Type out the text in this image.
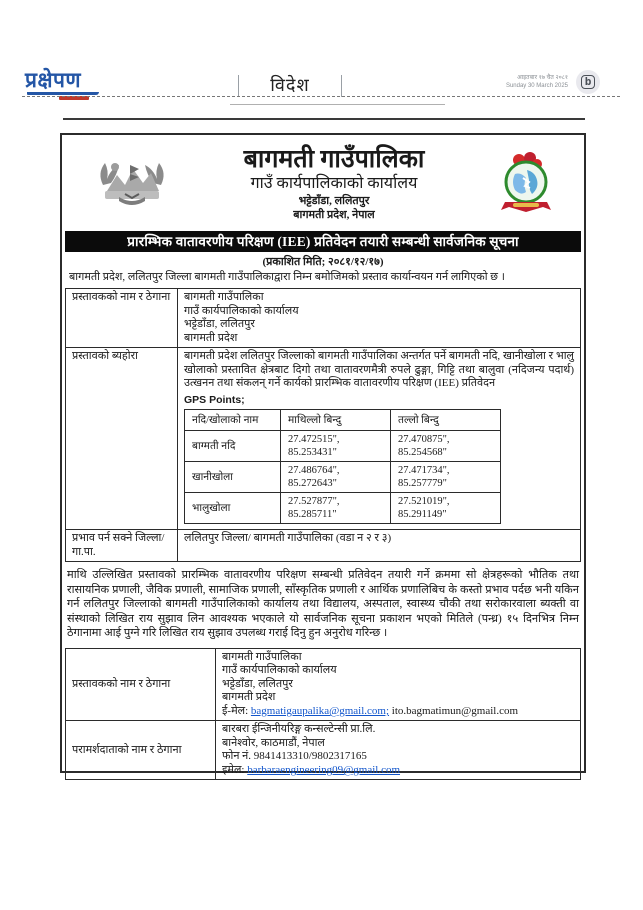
प्रक्षेपण	विदेश	आइतबार १७ चैत २०८१
Sunday 30 March 2025	b
बागमती गाउँपालिका
गाउँ कार्यपालिकाको कार्यालय
भट्टेडाँडा, ललितपुर
बागमती प्रदेश, नेपाल
प्रारम्भिक वातावरणीय परिक्षण (IEE) प्रतिवेदन तयारी सम्बन्धी सार्वजनिक सूचना
(प्रकाशित मिति; २०८१/१२/१७)
बागमती प्रदेश, ललितपुर जिल्ला बागमती गाउँपालिकाद्वारा निम्न बमोजिमको प्रस्ताव कार्यान्वयन गर्न लागिएको छ ।
प्रस्तावकको नाम र ठेगाना	बागमती गाउँपालिका
गाउँ कार्यपालिकाको कार्यालय
भट्टेडाँडा, ललितपुर
बागमती प्रदेश

प्रस्तावको ब्यहोरा	बागमती प्रदेश ललितपुर जिल्लाको बागमती गाउँपालिका अन्तर्गत पर्ने बागमती नदि, खानीखोला र भालु खोलाको प्रस्तावित क्षेत्रबाट दिगो तथा वातावरणमैत्री रुपले ढुङ्गा, गिट्टि तथा बालुवा (नदिजन्य पदार्थ) उत्खनन तथा संकलन् गर्ने कार्यको प्रारम्भिक वातावरणीय परिक्षण (IEE) प्रतिवेदन
GPS Points;
नदि/खोलाको नाम	माथिल्लो बिन्दु	तल्लो बिन्दु
बाग्मती नदि	27.472515", 85.253431"	27.470875", 85.254568"
खानीखोला	27.486764", 85.272643"	27.471734", 85.257779"
भालुखोला	27.527877", 85.285711"	27.521019", 85.291149"

प्रभाव पर्न सक्ने जिल्ला/गा.पा.	ललितपुर जिल्ला/ बागमती गाउँपालिका (वडा न २ र ३)
माथि उल्लिखित प्रस्तावको प्रारम्भिक वातावरणीय परिक्षण सम्बन्धी प्रतिवेदन तयारी गर्ने क्रममा सो क्षेत्रहरूको भौतिक तथा रासायनिक प्रणाली, जैविक प्रणाली, सामाजिक प्रणाली, साँस्कृतिक प्रणाली र आर्थिक प्रणालिबिच के कस्तो प्रभाव पर्दछ भनी यकिन गर्न ललितपुर जिल्लाको बागमती गाउँपालिकाको कार्यालय तथा विद्यालय, अस्पताल, स्वास्थ्य चौकी तथा सरोकारवाला ब्यक्ती वा संस्थाको लिखित राय सुझाव लिन आवश्यक भएकाले यो सार्वजनिक सूचना प्रकाशन भएको मितिले (पन्ध्र) १५ दिनभित्र निम्न ठेगानामा आई पुग्ने गरि लिखित राय सुझाव उपलब्ध गराई दिनु हुन अनुरोध गरिन्छ ।
प्रस्तावकको नाम र ठेगाना	बागमती गाउँपालिका
गाउँ कार्यपालिकाको कार्यालय
भट्टेडाँडा, ललितपुर
बागमती प्रदेश
ई-मेल: bagmatigaupalika@gmail.com; ito.bagmatimun@gmail.com

परामर्शदाताको नाम र ठेगाना	बारबरा ईन्जिनीयरिङ्ग कन्सल्टेन्सी प्रा.लि.
बानेश्वोर, काठमाडौं, नेपाल
फोन नं. 9841413310/9802317165
इमेल: barbaraengineering09@gmail.com
